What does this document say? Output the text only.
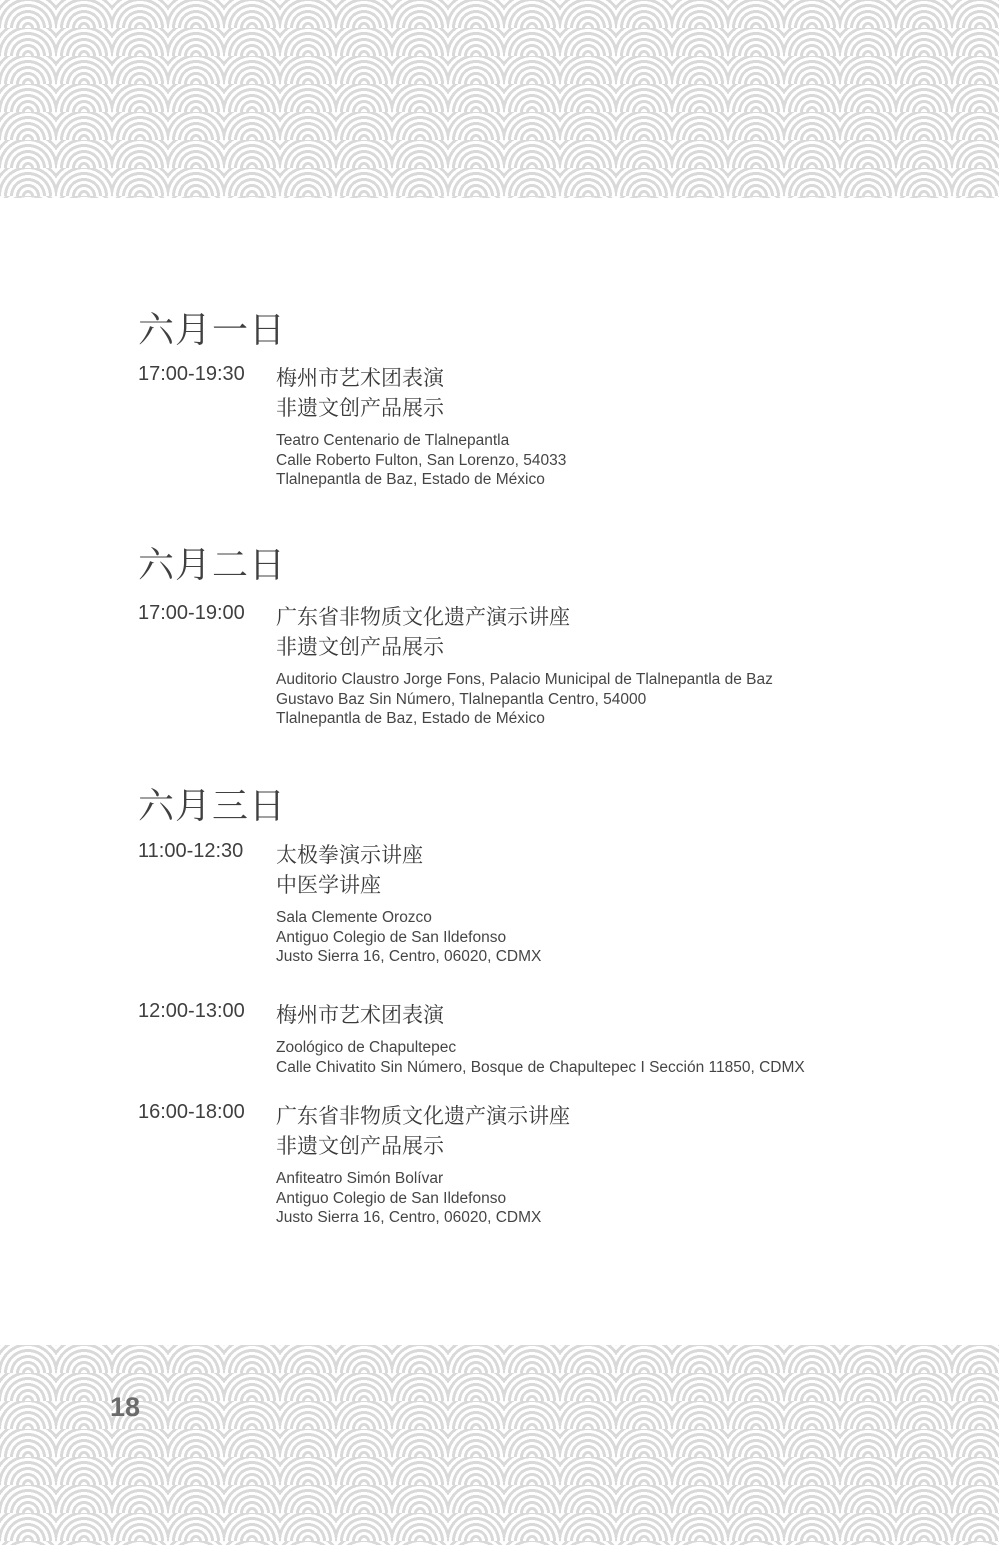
六月一日
17:00-19:30	梅州市艺术团表演
非遗文创产品展示
Teatro Centenario de Tlalnepantla
Calle Roberto Fulton, San Lorenzo, 54033
Tlalnepantla de Baz, Estado de México
六月二日
17:00-19:00	广东省非物质文化遗产演示讲座
非遗文创产品展示
Auditorio Claustro Jorge Fons, Palacio Municipal de Tlalnepantla de Baz
Gustavo Baz Sin Número, Tlalnepantla Centro, 54000
Tlalnepantla de Baz, Estado de México
六月三日
11:00-12:30	太极拳演示讲座
中医学讲座
Sala Clemente Orozco
Antiguo Colegio de San Ildefonso
Justo Sierra 16, Centro, 06020, CDMX
12:00-13:00	梅州市艺术团表演
Zoológico de Chapultepec
Calle Chivatito Sin Número, Bosque de Chapultepec I Sección 11850, CDMX
16:00-18:00	广东省非物质文化遗产演示讲座
非遗文创产品展示
Anfiteatro Simón Bolívar
Antiguo Colegio de San Ildefonso
Justo Sierra 16, Centro, 06020, CDMX
18
